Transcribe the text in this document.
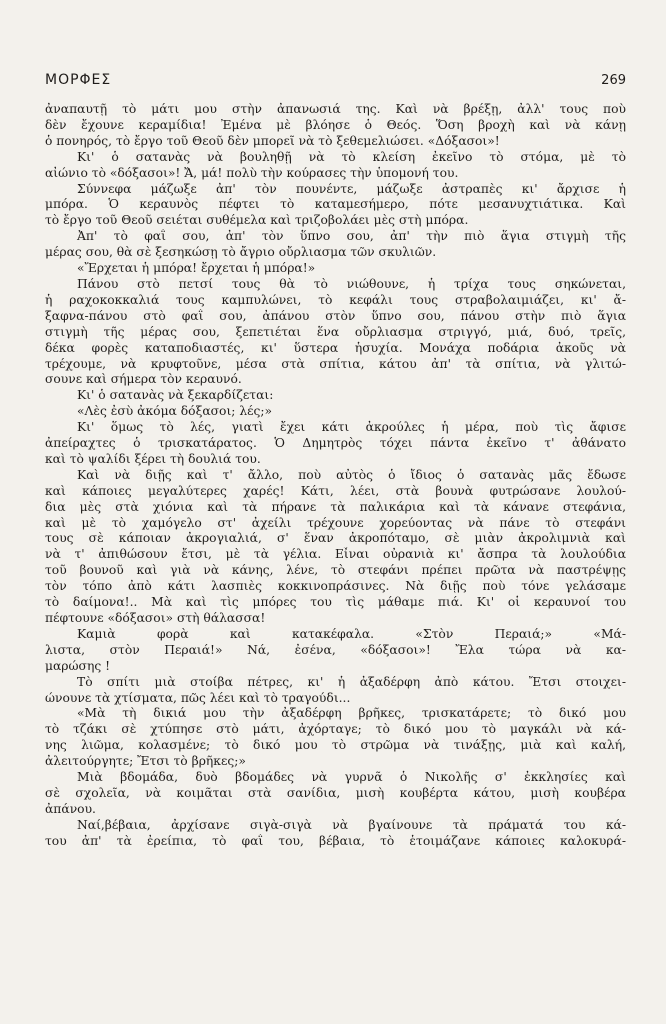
ΜΟΡΦΕΣ	269
ἀναπαυτῇ τὸ μάτι μου στὴν ἀπανωσιά της. Καὶ νὰ βρέξῃ, ἀλλ' τους ποὺ
δὲν ἔχουνε κεραμίδια! Ἐμένα μὲ βλόησε ὁ Θεός. Ὅση βροχὴ καὶ νὰ κάνῃ
ὁ πονηρός, τὸ ἔργο τοῦ Θεοῦ δὲν μπορεῖ νὰ τὸ ξεθεμελιώσει. «Δόξασοι»!
Κι' ὁ σατανὰς νὰ βουληθῇ νὰ τὸ κλείση ἐκεῖνο τὸ στόμα, μὲ τὸ
αἰώνιο τὸ «δόξασοι»! Ἄ, μά! πολὺ τὴν κούρασες τὴν ὑπομονή του.
Σύννεφα μάζωξε ἀπ' τὸν πουνέντε, μάζωξε ἀστραπὲς κι' ἄρχισε ἡ
μπόρα. Ὁ κεραυνὸς πέφτει τὸ καταμεσήμερο, πότε μεσανυχτιάτικα. Καὶ
τὸ ἔργο τοῦ Θεοῦ σειέται συθέμελα καὶ τριζοβολάει μὲς στὴ μπόρα.
Ἀπ' τὸ φαΐ σου, ἀπ' τὸν ὕπνο σου, ἀπ' τὴν πιὸ ἅγια στιγμὴ τῆς
μέρας σου, θὰ σὲ ξεσηκώσῃ τὸ ἄγριο οὔρλιασμα τῶν σκυλιῶν.
«Ἔρχεται ἡ μπόρα! ἔρχεται ἡ μπόρα!»
Πάνου στὸ πετσί τους θὰ τὸ νιώθουνε, ἡ τρίχα τους σηκώνεται,
ἡ ραχοκοκκαλιά τους καμπυλώνει, τὸ κεφάλι τους στραβολαιμιάζει, κι' ἄ-
ξαφνα-πάνου στὸ φαΐ σου, ἀπάνου στὸν ὕπνο σου, πάνου στὴν πιὸ ἅγια
στιγμὴ τῆς μέρας σου, ξεπετιέται ἕνα οὔρλιασμα στριγγό, μιά, δυό, τρεῖς,
δέκα φορὲς καταποδιαστές, κι' ὕστερα ἡσυχία. Μονάχα ποδάρια ἀκοῦς νὰ
τρέχουμε, νὰ κρυφτοῦνε, μέσα στὰ σπίτια, κάτου ἀπ' τὰ σπίτια, νὰ γλιτώ-
σουνε καὶ σήμερα τὸν κεραυνό.
Κι' ὁ σατανὰς νὰ ξεκαρδίζεται:
«Λὲς ἐσὺ ἀκόμα δόξασοι; λές;»
Κι' ὅμως τὸ λές, γιατὶ ἔχει κάτι ἀκρούλες ἡ μέρα, ποὺ τὶς ἄφισε
ἀπείραχτες ὁ τρισκατάρατος. Ὁ Δημητρὸς τόχει πάντα ἐκεῖνο τ' ἀθάνατο
καὶ τὸ ψαλίδι ξέρει τὴ δουλιά του.
Καὶ νὰ διῇς καὶ τ' ἄλλο, ποὺ αὐτὸς ὁ ἴδιος ὁ σατανὰς μᾶς ἔδωσε
καὶ κάποιες μεγαλύτερες χαρές! Κάτι, λέει, στὰ βουνὰ φυτρώσανε λουλού-
δια μὲς στὰ χιόνια καὶ τὰ πήρανε τὰ παλικάρια καὶ τὰ κάνανε στεφάνια,
καὶ μὲ τὸ χαμόγελο στ' ἀχείλι τρέχουνε χορεύοντας νὰ πάνε τὸ στεφάνι
τους σὲ κάποιαν ἀκρογιαλιά, σ' ἕναν ἀκροπόταμο, σὲ μιὰν ἀκρολιμνιὰ καὶ
νὰ τ' ἀπιθώσουν ἔτσι, μὲ τὰ γέλια. Εἶναι οὐρανιὰ κι' ἄσπρα τὰ λουλούδια
τοῦ βουνοῦ καὶ γιὰ νὰ κάνης, λένε, τὸ στεφάνι πρέπει πρῶτα νὰ παστρέψῃς
τὸν τόπο ἀπὸ κάτι λασπιὲς κοκκινοπράσινες. Νὰ διῇς ποὺ τόνε γελάσαμε
τὸ δαίμονα!.. Μὰ καὶ τὶς μπόρες του τὶς μάθαμε πιά. Κι' οἱ κεραυνοί του
πέφτουνε «δόξασοι» στὴ θάλασσα!
Καμιὰ φορὰ καὶ κατακέφαλα. «Στὸν Περαιά;» «Μά-
λιστα, στὸν Περαιά!» Νά, ἐσένα, «δόξασοι»! Ἔλα τώρα νὰ κα-
μαρώσης !
Τὸ σπίτι μιὰ στοίβα πέτρες, κι' ἡ ἀξαδέρφη ἀπὸ κάτου. Ἔτσι στοιχει-
ώνουνε τὰ χτίσματα, πῶς λέει καὶ τὸ τραγούδι...
«Μὰ τὴ δικιά μου τὴν ἀξαδέρφη βρῆκες, τρισκατάρετε; τὸ δικό μου
τὸ τζάκι σὲ χτύπησε στὸ μάτι, ἀχόρταγε; τὸ δικό μου τὸ μαγκάλι νὰ κά-
νης λιῶμα, κολασμένε; τὸ δικό μου τὸ στρῶμα νὰ τινάξῃς, μιὰ καὶ καλή,
ἀλειτούργητε; Ἔτσι τὸ βρῆκες;»
Μιὰ βδομάδα, δυὸ βδομάδες νὰ γυρνᾶ ὁ Νικολῆς σ' ἐκκλησίες καὶ
σὲ σχολεῖα, νὰ κοιμᾶται στὰ σανίδια, μισὴ κουβέρτα κάτου, μισὴ κουβέρα
ἀπάνου.
Ναί,βέβαια, ἀρχίσανε σιγὰ-σιγὰ νὰ βγαίνουνε τὰ πράματά του κά-
του ἀπ' τὰ ἐρείπια, τὸ φαΐ του, βέβαια, τὸ ἑτοιμάζανε κάποιες καλοκυρά-
